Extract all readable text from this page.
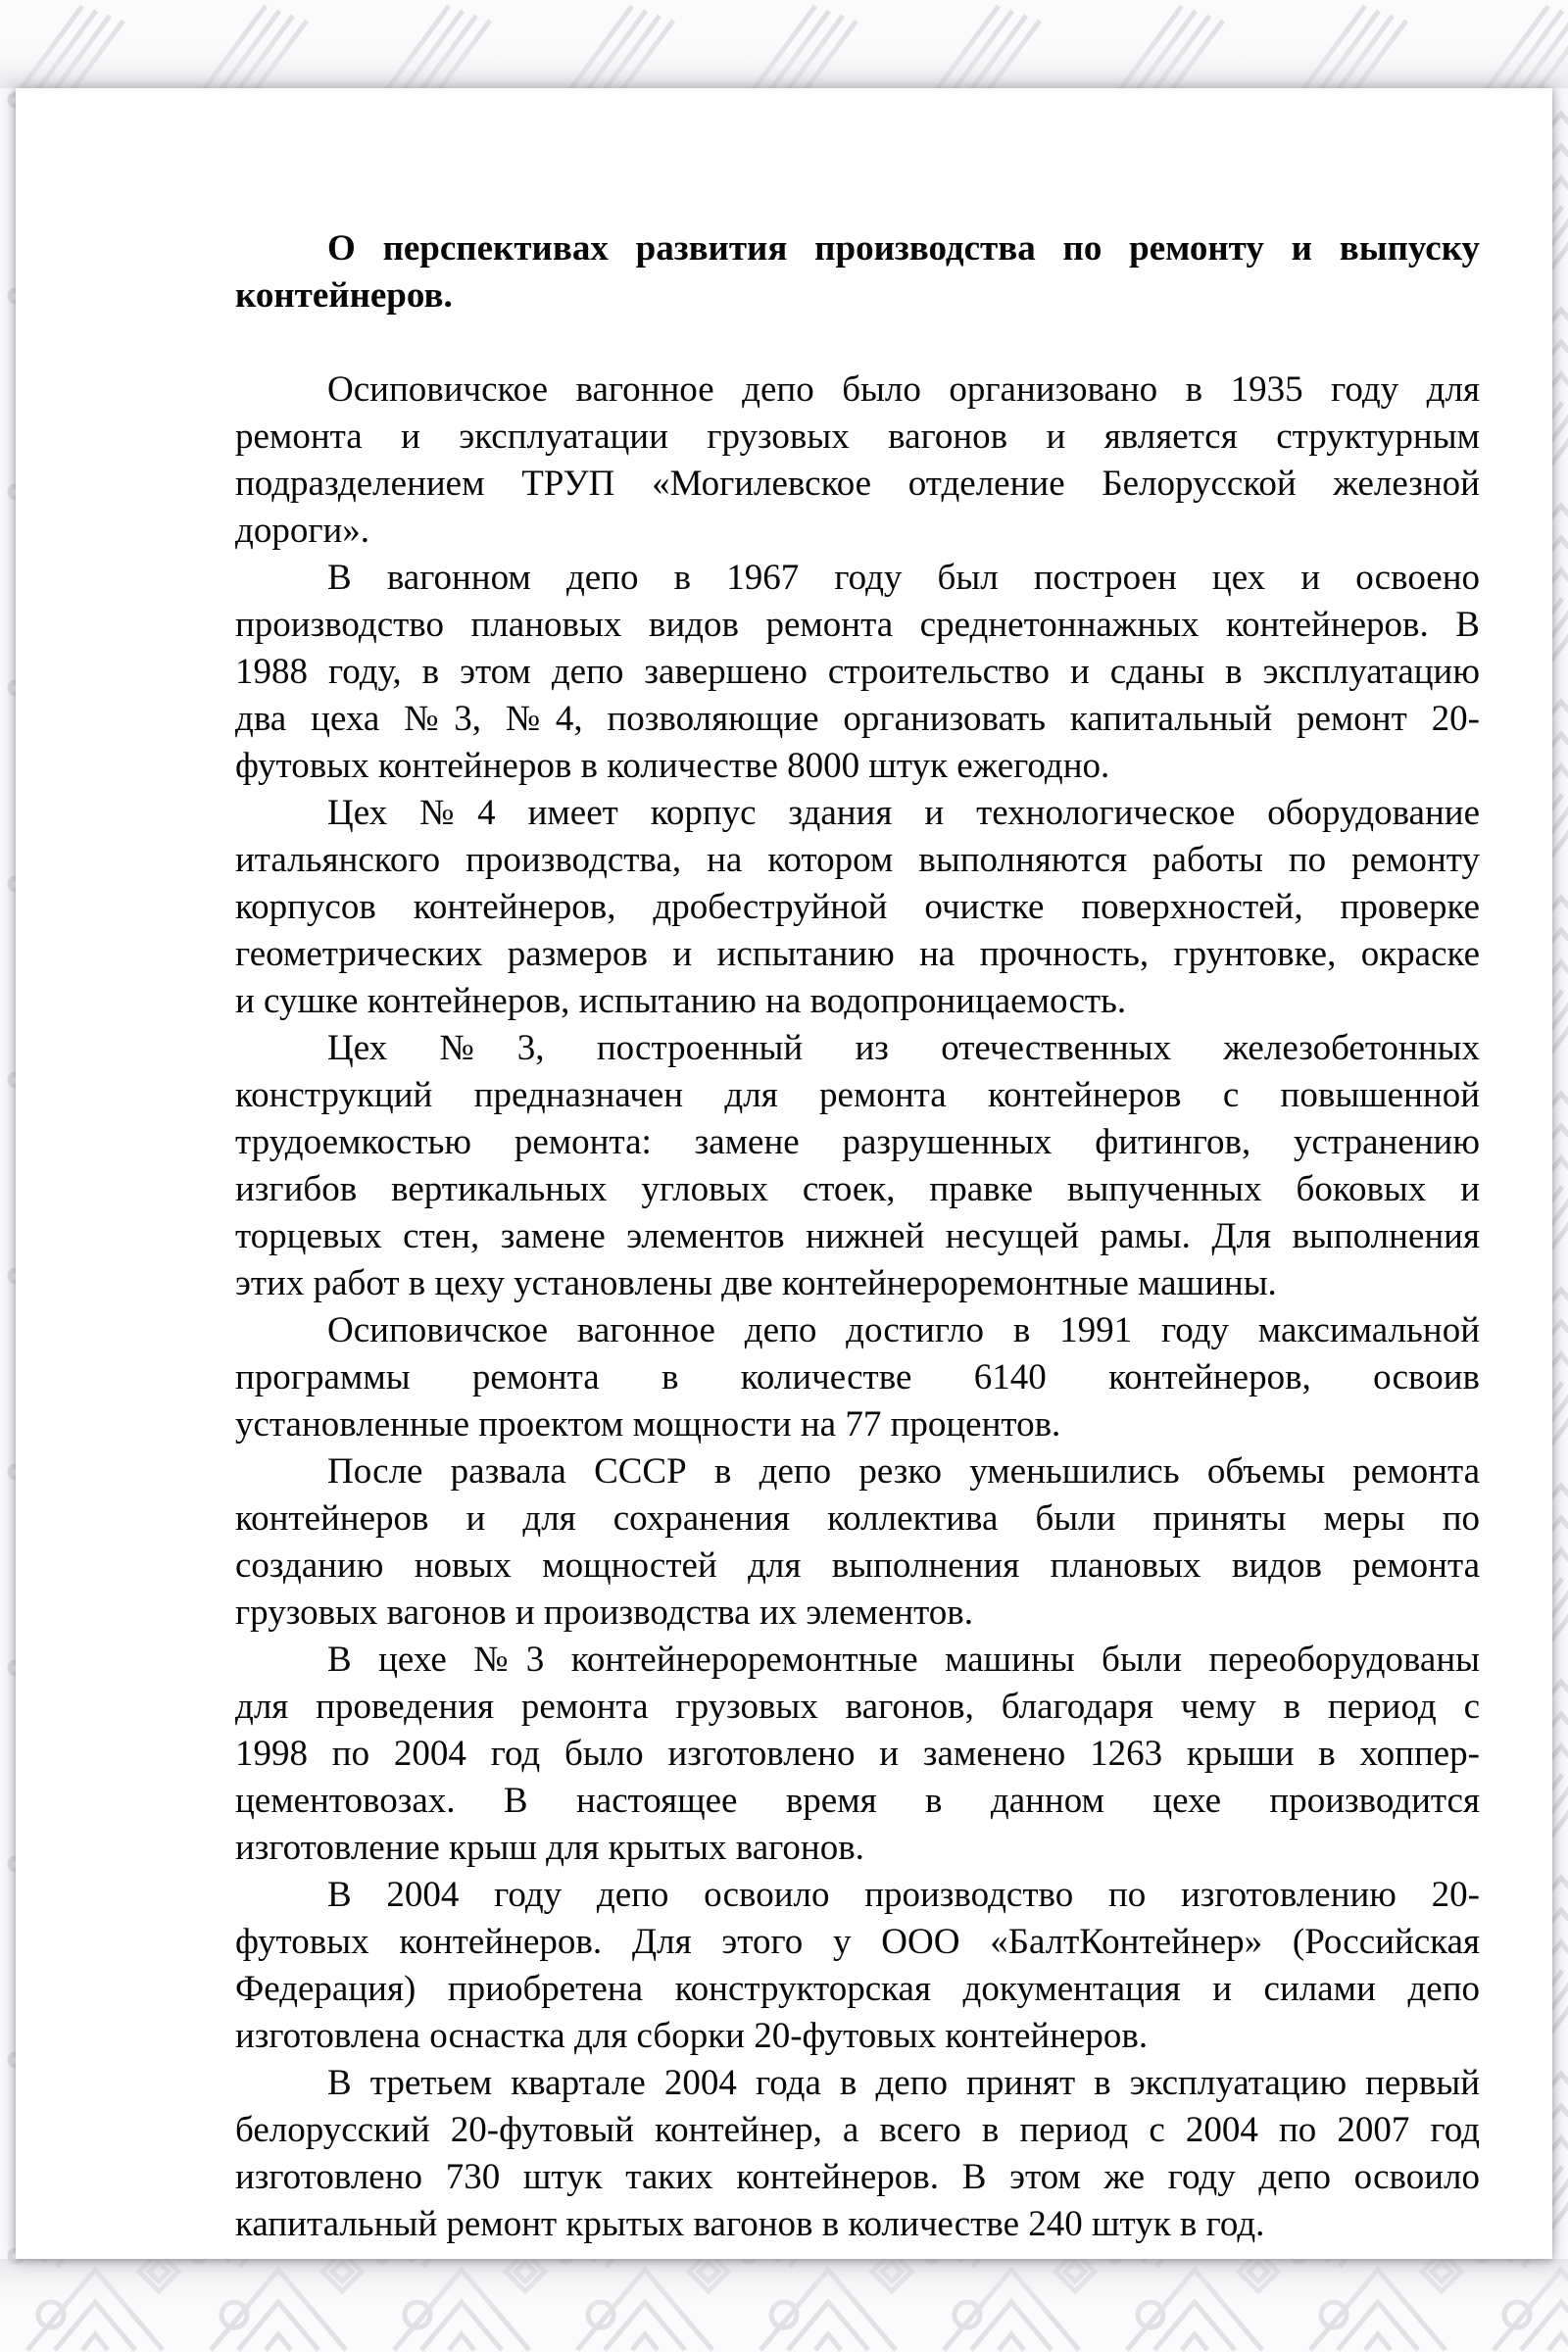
О перспективах развития производства по ремонту и выпуску
контейнеров.
Осиповичское вагонное депо было организовано в 1935 году для
ремонта и эксплуатации грузовых вагонов и является структурным
подразделением ТРУП «Могилевское отделение Белорусской железной
дороги».
В вагонном депо в 1967 году был построен цех и освоено
производство плановых видов ремонта среднетоннажных контейнеров. В
1988 году, в этом депо завершено строительство и сданы в эксплуатацию
два цеха №3, №4, позволяющие организовать капитальный ремонт 20-
футовых контейнеров в количестве 8000 штук ежегодно.
Цех №4 имеет корпус здания и технологическое оборудование
итальянского производства, на котором выполняются работы по ремонту
корпусов контейнеров, дробеструйной очистке поверхностей, проверке
геометрических размеров и испытанию на прочность, грунтовке, окраске
и сушке контейнеров, испытанию на водопроницаемость.
Цех №3, построенный из отечественных железобетонных
конструкций предназначен для ремонта контейнеров с повышенной
трудоемкостью ремонта: замене разрушенных фитингов, устранению
изгибов вертикальных угловых стоек, правке выпученных боковых и
торцевых стен, замене элементов нижней несущей рамы. Для выполнения
этих работ в цеху установлены две контейнероремонтные машины.
Осиповичское вагонное депо достигло в 1991 году максимальной
программы ремонта в количестве 6140 контейнеров, освоив
установленные проектом мощности на 77 процентов.
После развала СССР в депо резко уменьшились объемы ремонта
контейнеров и для сохранения коллектива были приняты меры по
созданию новых мощностей для выполнения плановых видов ремонта
грузовых вагонов и производства их элементов.
В цехе №3 контейнероремонтные машины были переоборудованы
для проведения ремонта грузовых вагонов, благодаря чему в период с
1998 по 2004 год было изготовлено и заменено 1263 крыши в хоппер-
цементовозах. В настоящее время в данном цехе производится
изготовление крыш для крытых вагонов.
В 2004 году депо освоило производство по изготовлению 20-
футовых контейнеров. Для этого у ООО «БалтКонтейнер» (Российская
Федерация) приобретена конструкторская документация и силами депо
изготовлена оснастка для сборки 20-футовых контейнеров.
В третьем квартале 2004 года в депо принят в эксплуатацию первый
белорусский 20-футовый контейнер, а всего в период с 2004 по 2007 год
изготовлено 730 штук таких контейнеров. В этом же году депо освоило
капитальный ремонт крытых вагонов в количестве 240 штук в год.
